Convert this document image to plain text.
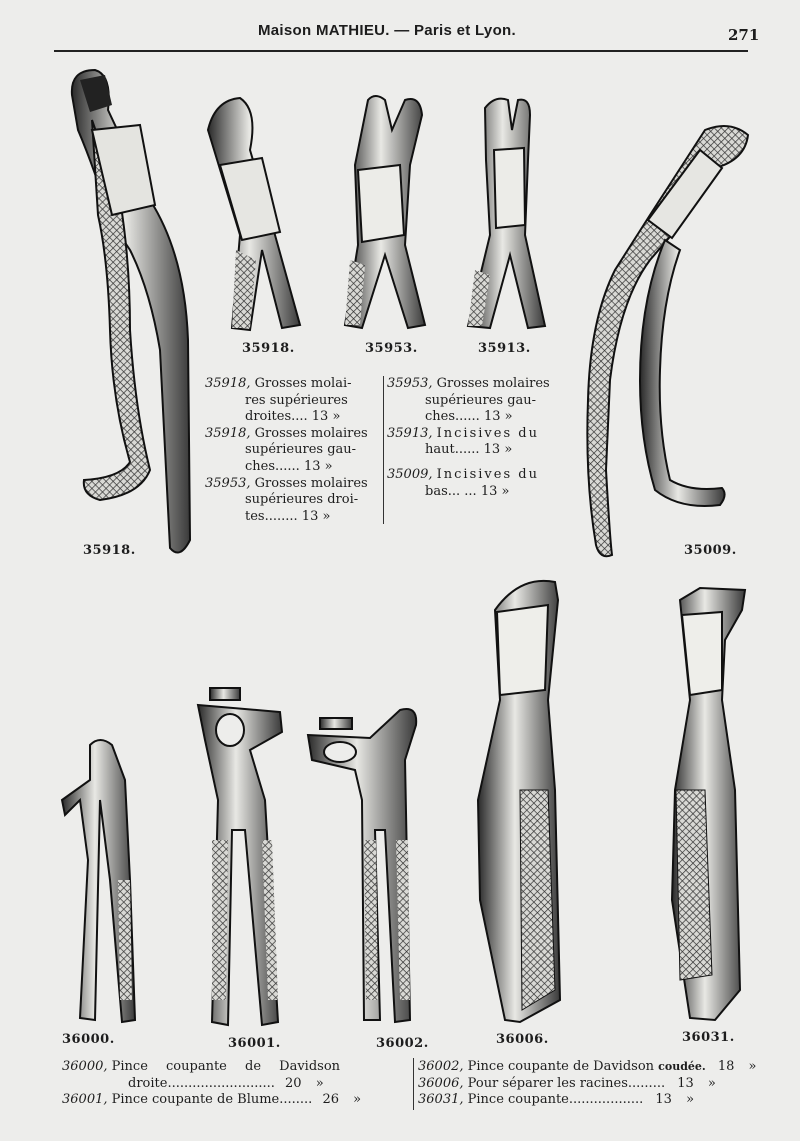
Maison MATHIEU. — Paris et Lyon.	271
35918.	35953.	35913.
35918.	35009.
36000.	36001.	36002.	36006.	36031.
35918, Grosses molai-
res supérieures
droites.... 13 »
35918, Grosses molaires
supérieures gau-
ches...... 13 »
35953, Grosses molaires
supérieures droi-
tes........ 13 »
35953, Grosses molaires
supérieures gau-
ches...... 13 »
35913, Incisives du
haut...... 13 »
35009, Incisives du
bas... ... 13 »
36000, Pince coupante de Davidson
droite.......................... 20 »
36001, Pince coupante de Blume........ 26 »
36002, Pince coupante de Davidson coudée. 18 »
36006, Pour séparer les racines......... 13 »
36031, Pince coupante.................. 13 »
